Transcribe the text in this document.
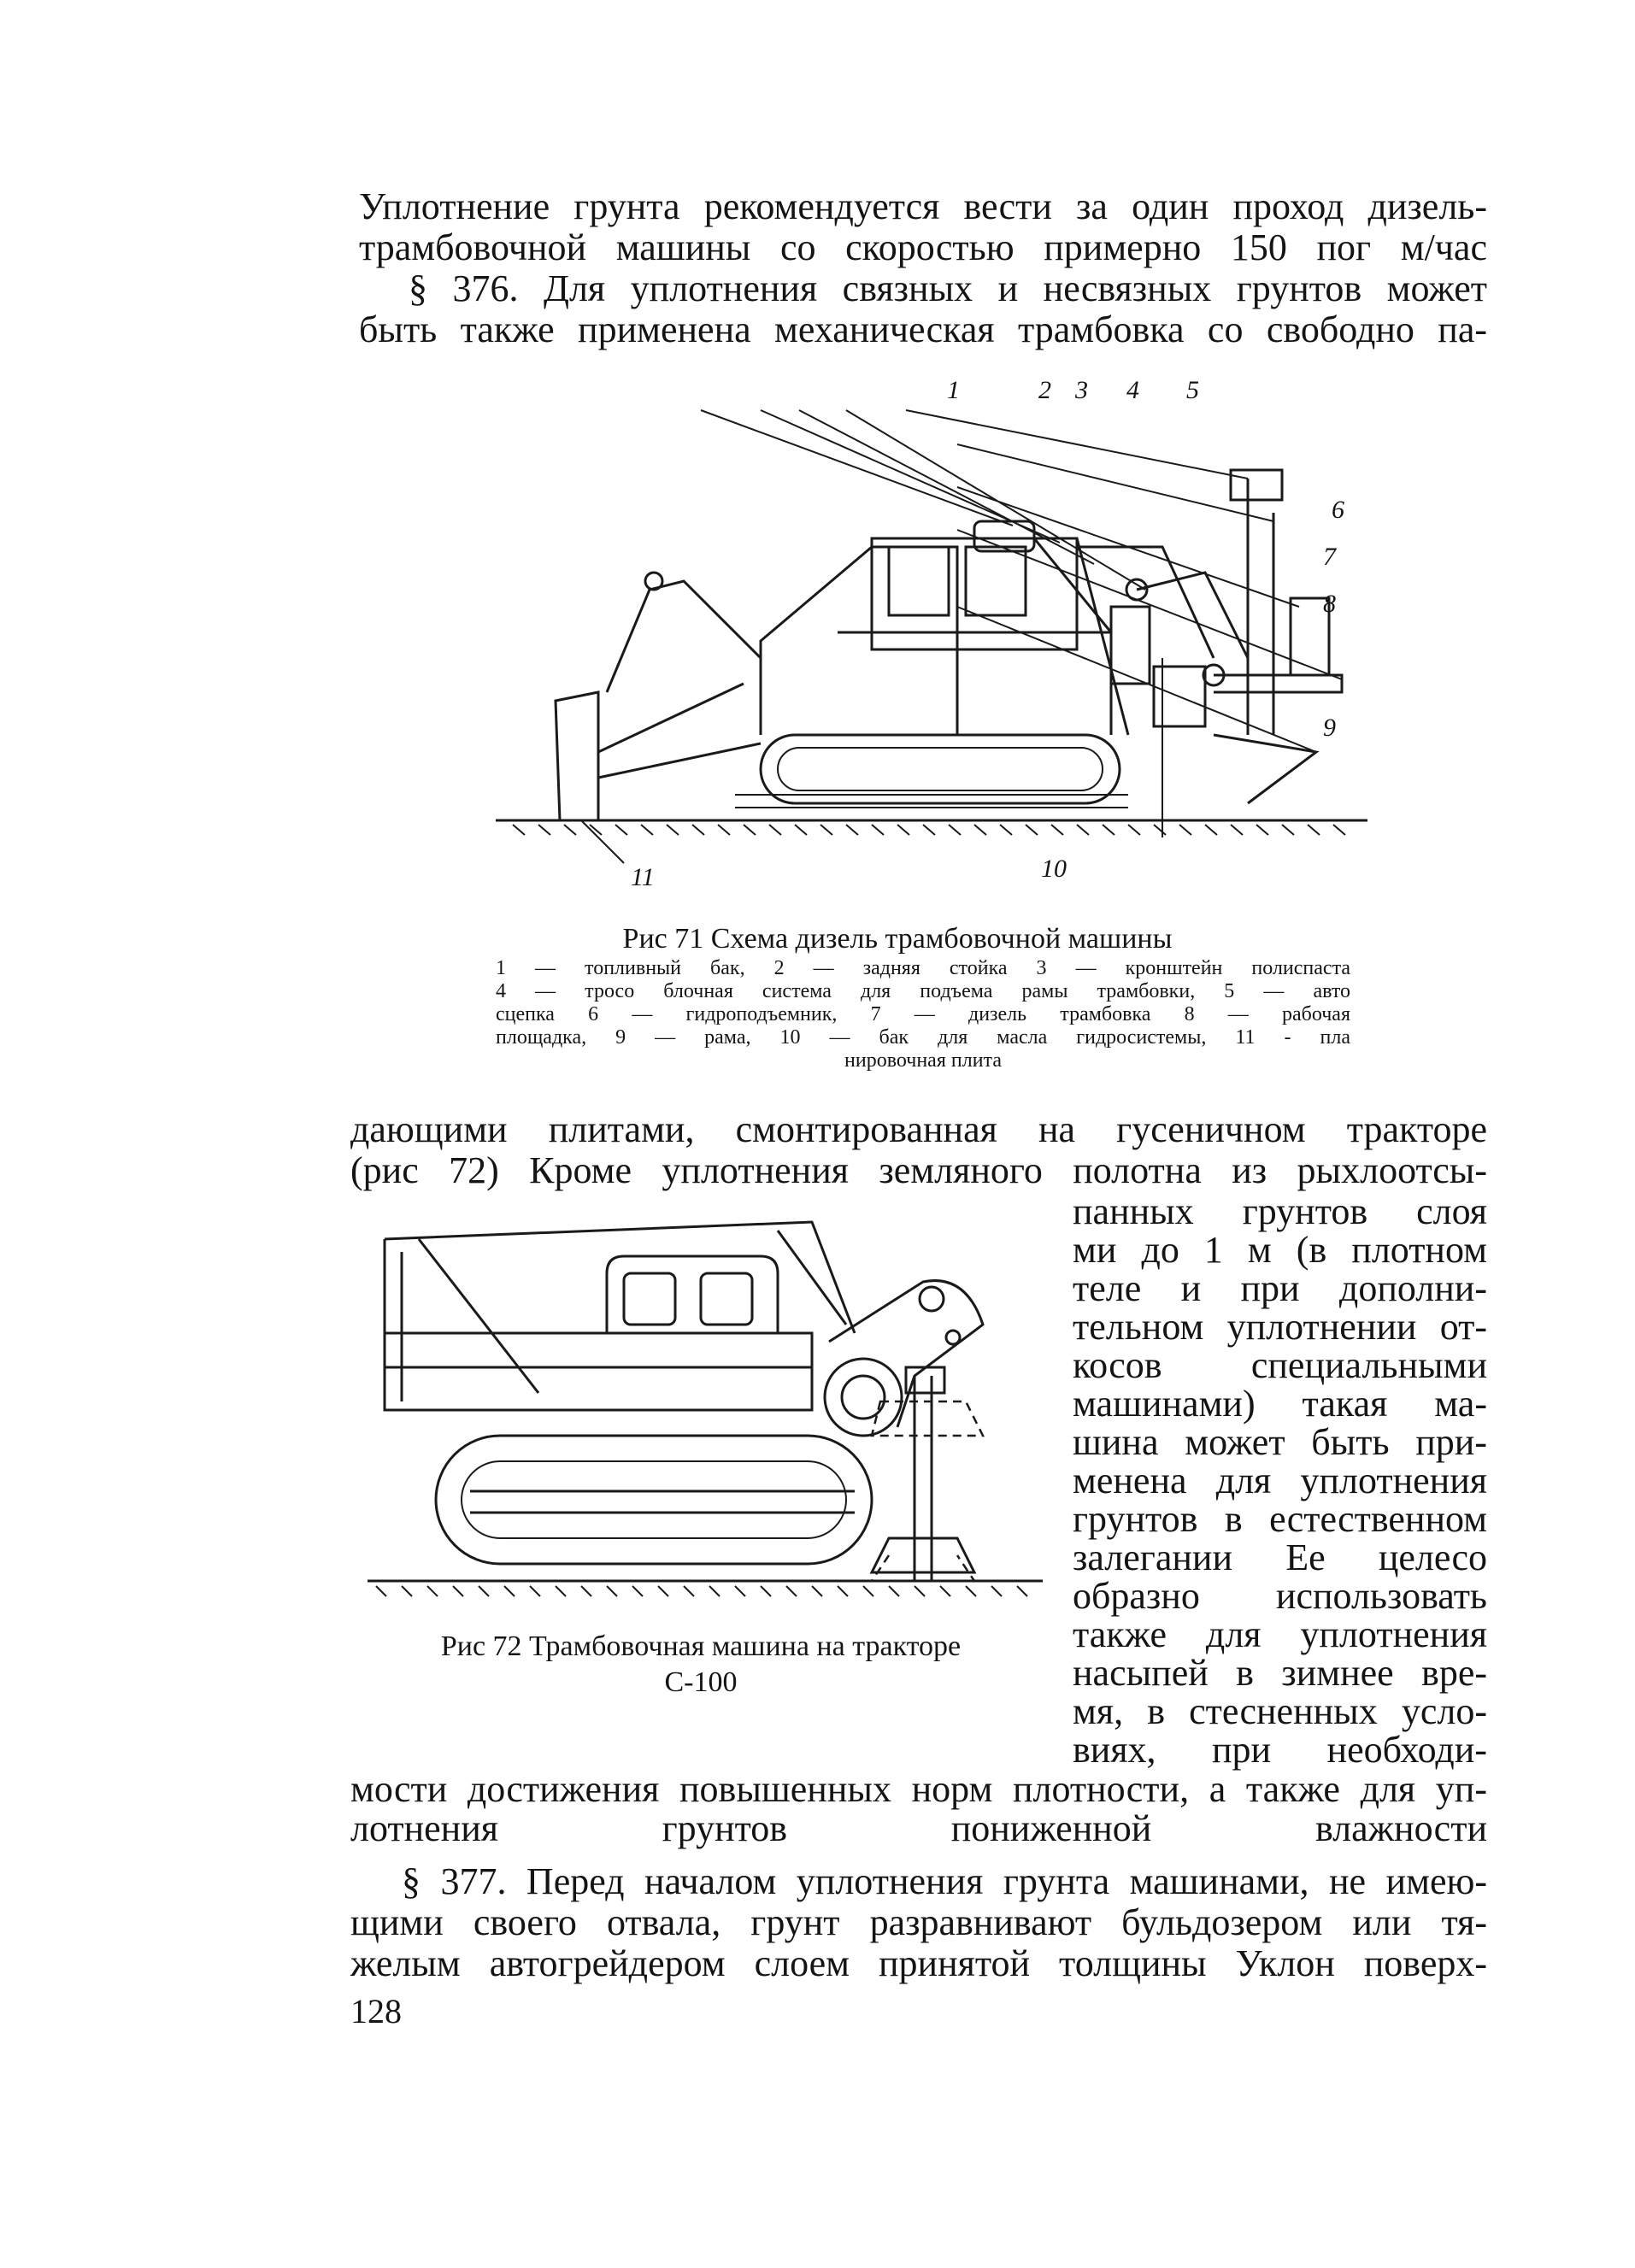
Уплотнение грунта рекомендуется вести за один проход дизель-
трамбовочной машины со скоростью примерно 150 пог м/час
§ 376. Для уплотнения связных и несвязных грунтов может
быть также применена механическая трамбовка со свободно па-
1	2 3 4 5
6
7
8
9
10
11
Рис 71 Схема дизель трамбовочной машины
1 — топливный бак, 2 — задняя стойка 3 — кронштейн полиспаста
4 — тросо блочная система для подъема рамы трамбовки, 5 — авто
сцепка 6 — гидроподъемник, 7 — дизель трамбовка 8 — рабочая
площадка, 9 — рама, 10 — бак для масла гидросистемы, 11 - пла
нировочная плита
дающими плитами, смонтированная на гусеничном тракторе
(рис 72) Кроме уплотнения земляного полотна из рыхлоотсы-
панных грунтов слоя
ми до 1 м (в плотном
теле и при дополни-
тельном уплотнении от-
косов специальными
машинами) такая ма-
шина может быть при-
менена для уплотнения
грунтов в естественном
залегании Ее целесо
образно использовать
также для уплотнения
насыпей в зимнее вре-
мя, в стесненных усло-
виях, при необходи-
Рис 72 Трамбовочная машина на тракторе
С-100
мости достижения повышенных норм плотности, а также для уп-
лотнения грунтов пониженной влажности
§ 377. Перед началом уплотнения грунта машинами, не имею-
щими своего отвала, грунт разравнивают бульдозером или тя-
желым автогрейдером слоем принятой толщины Уклон поверх-
128
